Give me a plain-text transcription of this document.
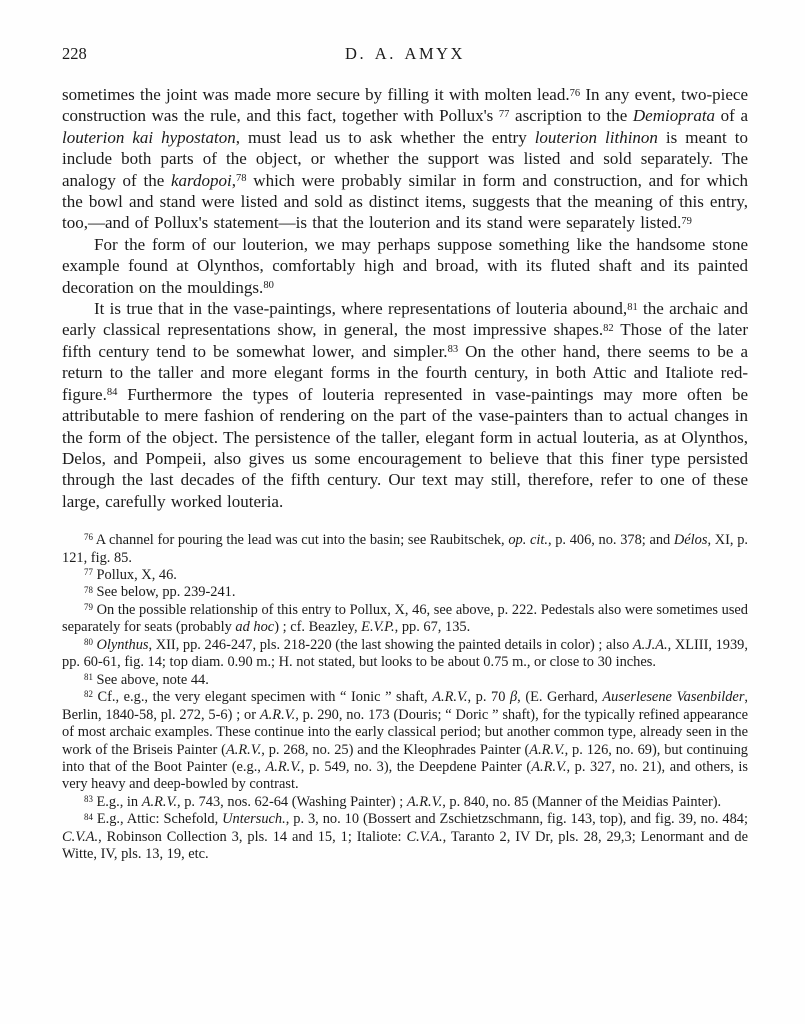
228	D. A. AMYX

sometimes the joint was made more secure by filling it with molten lead.$^{76}$ In any event, two-piece construction was the rule, and this fact, together with Pollux's $^{77}$ ascription to the Demioprata of a louterion kai hypostaton, must lead us to ask whether the entry louterion lithinon is meant to include both parts of the object, or whether the support was listed and sold separately. The analogy of the kardopoi,$^{78}$ which were probably similar in form and construction, and for which the bowl and stand were listed and sold as distinct items, suggests that the meaning of this entry, too,—and of Pollux's statement—is that the louterion and its stand were separately listed.$^{79}$

For the form of our louterion, we may perhaps suppose something like the handsome stone example found at Olynthos, comfortably high and broad, with its fluted shaft and its painted decoration on the mouldings.$^{80}$

It is true that in the vase-paintings, where representations of louteria abound,$^{81}$ the archaic and early classical representations show, in general, the most impressive shapes.$^{82}$ Those of the later fifth century tend to be somewhat lower, and simpler.$^{83}$ On the other hand, there seems to be a return to the taller and more elegant forms in the fourth century, in both Attic and Italiote red-figure.$^{84}$ Furthermore the types of louteria represented in vase-paintings may more often be attributable to mere fashion of rendering on the part of the vase-painters than to actual changes in the form of the object. The persistence of the taller, elegant form in actual louteria, as at Olynthos, Delos, and Pompeii, also gives us some encouragement to believe that this finer type persisted through the last decades of the fifth century. Our text may still, therefore, refer to one of these large, carefully worked louteria.

$^{76}$ A channel for pouring the lead was cut into the basin; see Raubitschek, op. cit., p. 406, no. 378; and Délos, XI, p. 121, fig. 85.

$^{77}$ Pollux, X, 46.

$^{78}$ See below, pp. 239-241.

$^{79}$ On the possible relationship of this entry to Pollux, X, 46, see above, p. 222. Pedestals also were sometimes used separately for seats (probably ad hoc) ; cf. Beazley, E.V.P., pp. 67, 135.

$^{80}$ Olynthus, XII, pp. 246-247, pls. 218-220 (the last showing the painted details in color) ; also A.J.A., XLIII, 1939, pp. 60-61, fig. 14; top diam. 0.90 m.; H. not stated, but looks to be about 0.75 m., or close to 30 inches.

$^{81}$ See above, note 44.

$^{82}$ Cf., e.g., the very elegant specimen with “ Ionic ” shaft, A.R.V., p. 70 β, (E. Gerhard, Auserlesene Vasenbilder, Berlin, 1840-58, pl. 272, 5-6) ; or A.R.V., p. 290, no. 173 (Douris; “ Doric ” shaft), for the typically refined appearance of most archaic examples. These continue into the early classical period; but another common type, already seen in the work of the Briseis Painter (A.R.V., p. 268, no. 25) and the Kleophrades Painter (A.R.V., p. 126, no. 69), but continuing into that of the Boot Painter (e.g., A.R.V., p. 549, no. 3), the Deepdene Painter (A.R.V., p. 327, no. 21), and others, is very heavy and deep-bowled by contrast.

$^{83}$ E.g., in A.R.V., p. 743, nos. 62-64 (Washing Painter) ; A.R.V., p. 840, no. 85 (Manner of the Meidias Painter).

$^{84}$ E.g., Attic: Schefold, Untersuch., p. 3, no. 10 (Bossert and Zschietzschmann, fig. 143, top), and fig. 39, no. 484; C.V.A., Robinson Collection 3, pls. 14 and 15, 1; Italiote: C.V.A., Taranto 2, IV Dr, pls. 28, 29,3; Lenormant and de Witte, IV, pls. 13, 19, etc.
